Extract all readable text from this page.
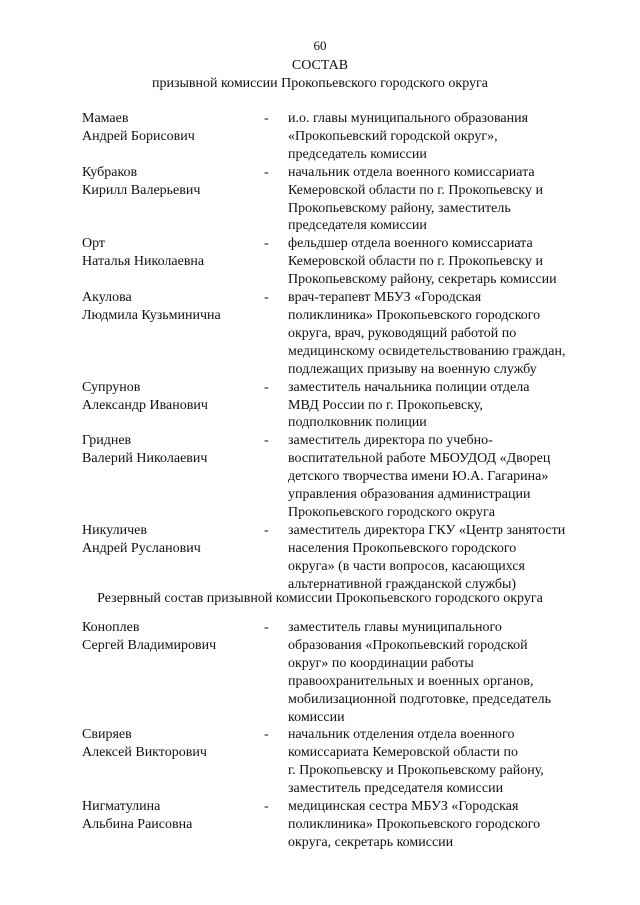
60
СОСТАВ
призывной комиссии Прокопьевского городского округа
Мамаев
Андрей Борисович
-	и.о. главы муниципального образования
«Прокопьевский городской округ»,
председатель комиссии
Кубраков
Кирилл Валерьевич
-	начальник отдела военного комиссариата
Кемеровской области по г. Прокопьевску и
Прокопьевскому району, заместитель
председателя комиссии
Орт
Наталья Николаевна
-	фельдшер отдела военного комиссариата
Кемеровской области по г. Прокопьевску и
Прокопьевскому району, секретарь комиссии
Акулова
Людмила Кузьминична
-	врач-терапевт МБУЗ «Городская
поликлиника» Прокопьевского городского
округа, врач, руководящий работой по
медицинскому освидетельствованию граждан,
подлежащих призыву на военную службу
Супрунов
Александр Иванович
-	заместитель начальника полиции отдела
МВД России по г. Прокопьевску,
подполковник полиции
Гриднев
Валерий Николаевич
-	заместитель директора по учебно-
воспитательной работе МБОУДОД «Дворец
детского творчества имени Ю.А. Гагарина»
управления образования администрации
Прокопьевского городского округа
Никуличев
Андрей Русланович
-	заместитель директора ГКУ «Центр занятости
населения Прокопьевского городского
округа» (в части вопросов, касающихся
альтернативной гражданской службы)
Резервный состав призывной комиссии Прокопьевского городского округа
Коноплев
Сергей Владимирович
-	заместитель главы муниципального
образования «Прокопьевский городской
округ» по координации работы
правоохранительных и военных органов,
мобилизационной подготовке, председатель
комиссии
Свиряев
Алексей Викторович
-	начальник отделения отдела военного
комиссариата Кемеровской области по
г. Прокопьевску и Прокопьевскому району,
заместитель председателя комиссии
Нигматулина
Альбина Раисовна
-	медицинская сестра МБУЗ «Городская
поликлиника» Прокопьевского городского
округа, секретарь комиссии
